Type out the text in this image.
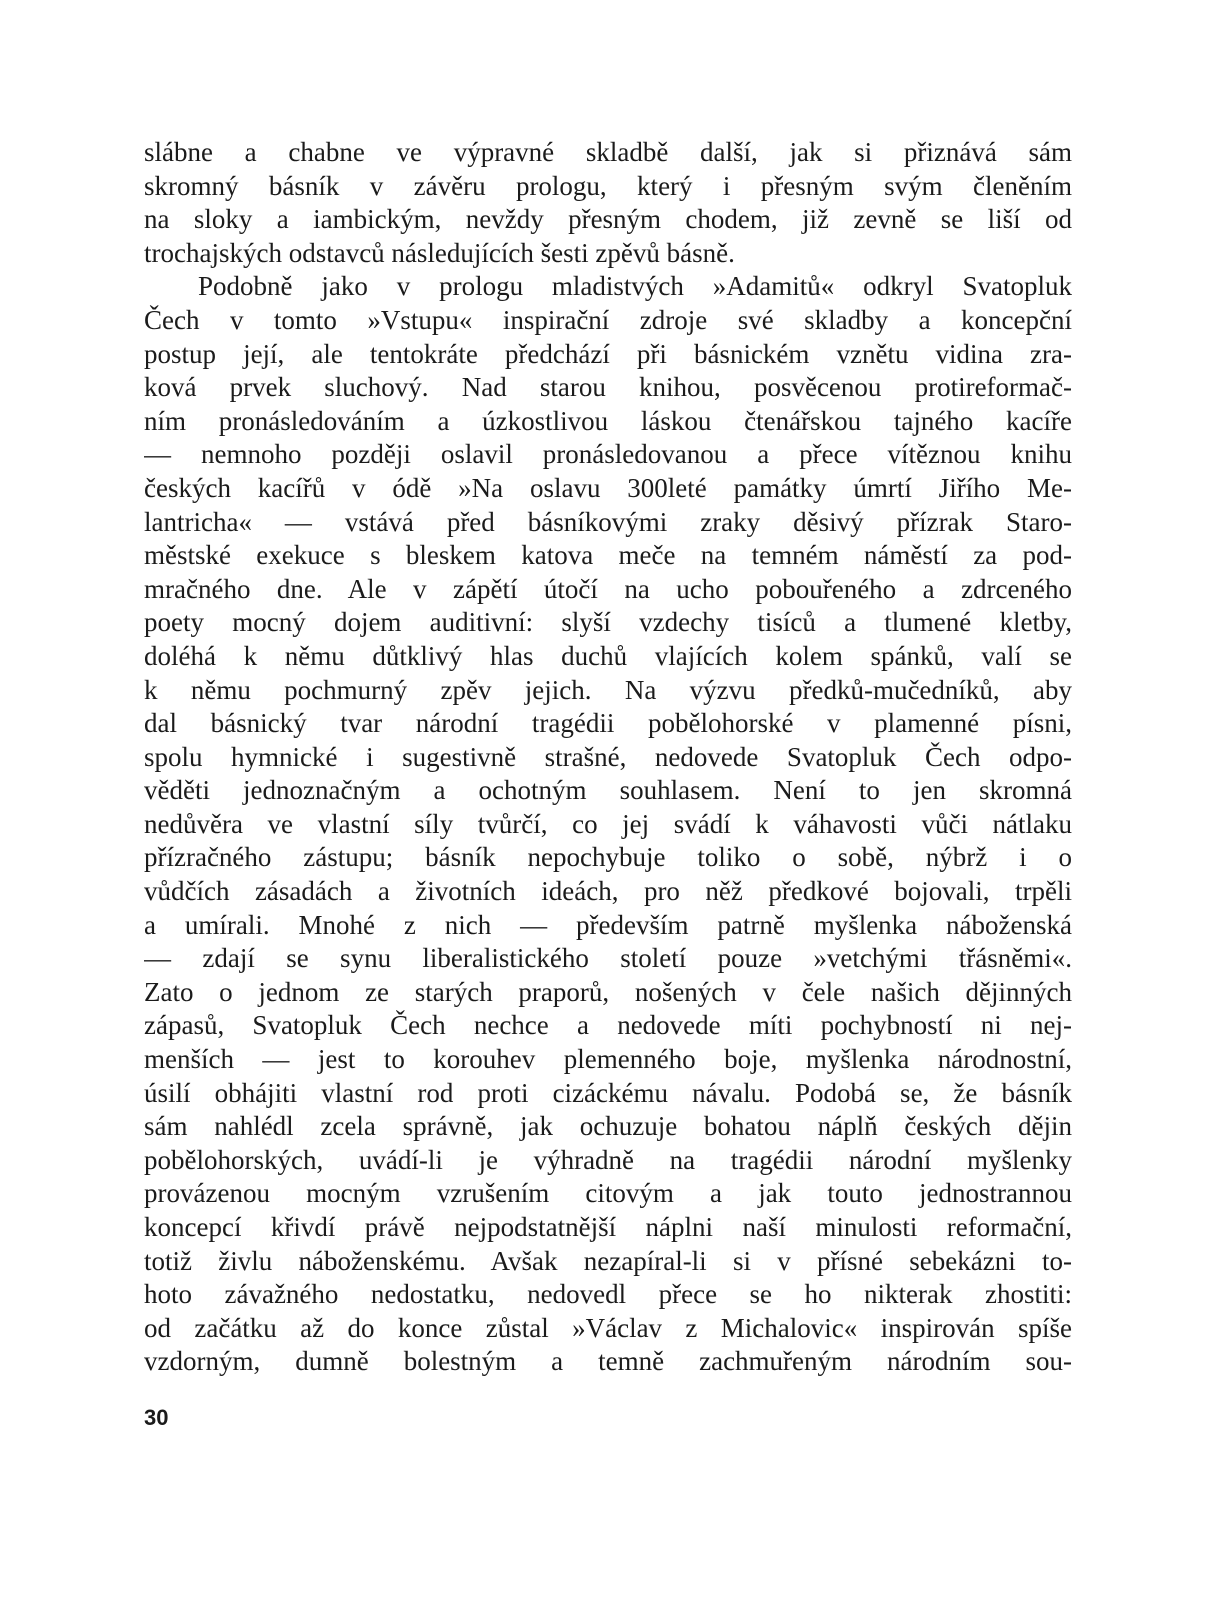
slábne a chabne ve výpravné skladbě další, jak si přiznává sám
skromný básník v závěru prologu, který i přesným svým členěním
na sloky a iambickým, nevždy přesným chodem, již zevně se liší od
trochajských odstavců následujících šesti zpěvů básně.
Podobně jako v prologu mladistvých »Adamitů« odkryl Svatopluk
Čech v tomto »Vstupu« inspirační zdroje své skladby a koncepční
postup její, ale tentokráte předchází při básnickém vznětu vidina zra-
ková prvek sluchový. Nad starou knihou, posvěcenou protireformač-
ním pronásledováním a úzkostlivou láskou čtenářskou tajného kacíře
— nemnoho později oslavil pronásledovanou a přece vítěznou knihu
českých kacířů v ódě »Na oslavu 300leté památky úmrtí Jiřího Me-
lantricha« — vstává před básníkovými zraky děsivý přízrak Staro-
městské exekuce s bleskem katova meče na temném náměstí za pod-
mračného dne. Ale v zápětí útočí na ucho pobouřeného a zdrceného
poety mocný dojem auditivní: slyší vzdechy tisíců a tlumené kletby,
doléhá k němu důtklivý hlas duchů vlajících kolem spánků, valí se
k němu pochmurný zpěv jejich. Na výzvu předků-mučedníků, aby
dal básnický tvar národní tragédii pobělohorské v plamenné písni,
spolu hymnické i sugestivně strašné, nedovede Svatopluk Čech odpo-
věděti jednoznačným a ochotným souhlasem. Není to jen skromná
nedůvěra ve vlastní síly tvůrčí, co jej svádí k váhavosti vůči nátlaku
přízračného zástupu; básník nepochybuje toliko o sobě, nýbrž i o
vůdčích zásadách a životních ideách, pro něž předkové bojovali, trpěli
a umírali. Mnohé z nich — především patrně myšlenka náboženská
— zdají se synu liberalistického století pouze »vetchými třásněmi«.
Zato o jednom ze starých praporů, nošených v čele našich dějinných
zápasů, Svatopluk Čech nechce a nedovede míti pochybností ni nej-
menších — jest to korouhev plemenného boje, myšlenka národnostní,
úsilí obhájiti vlastní rod proti cizáckému návalu. Podobá se, že básník
sám nahlédl zcela správně, jak ochuzuje bohatou náplň českých dějin
pobělohorských, uvádí-li je výhradně na tragédii národní myšlenky
provázenou mocným vzrušením citovým a jak touto jednostrannou
koncepcí křivdí právě nejpodstatnější náplni naší minulosti reformační,
totiž živlu náboženskému. Avšak nezapíral-li si v přísné sebekázni to-
hoto závažného nedostatku, nedovedl přece se ho nikterak zhostiti:
od začátku až do konce zůstal »Václav z Michalovic« inspirován spíše
vzdorným, dumně bolestným a temně zachmuřeným národním sou-
30
